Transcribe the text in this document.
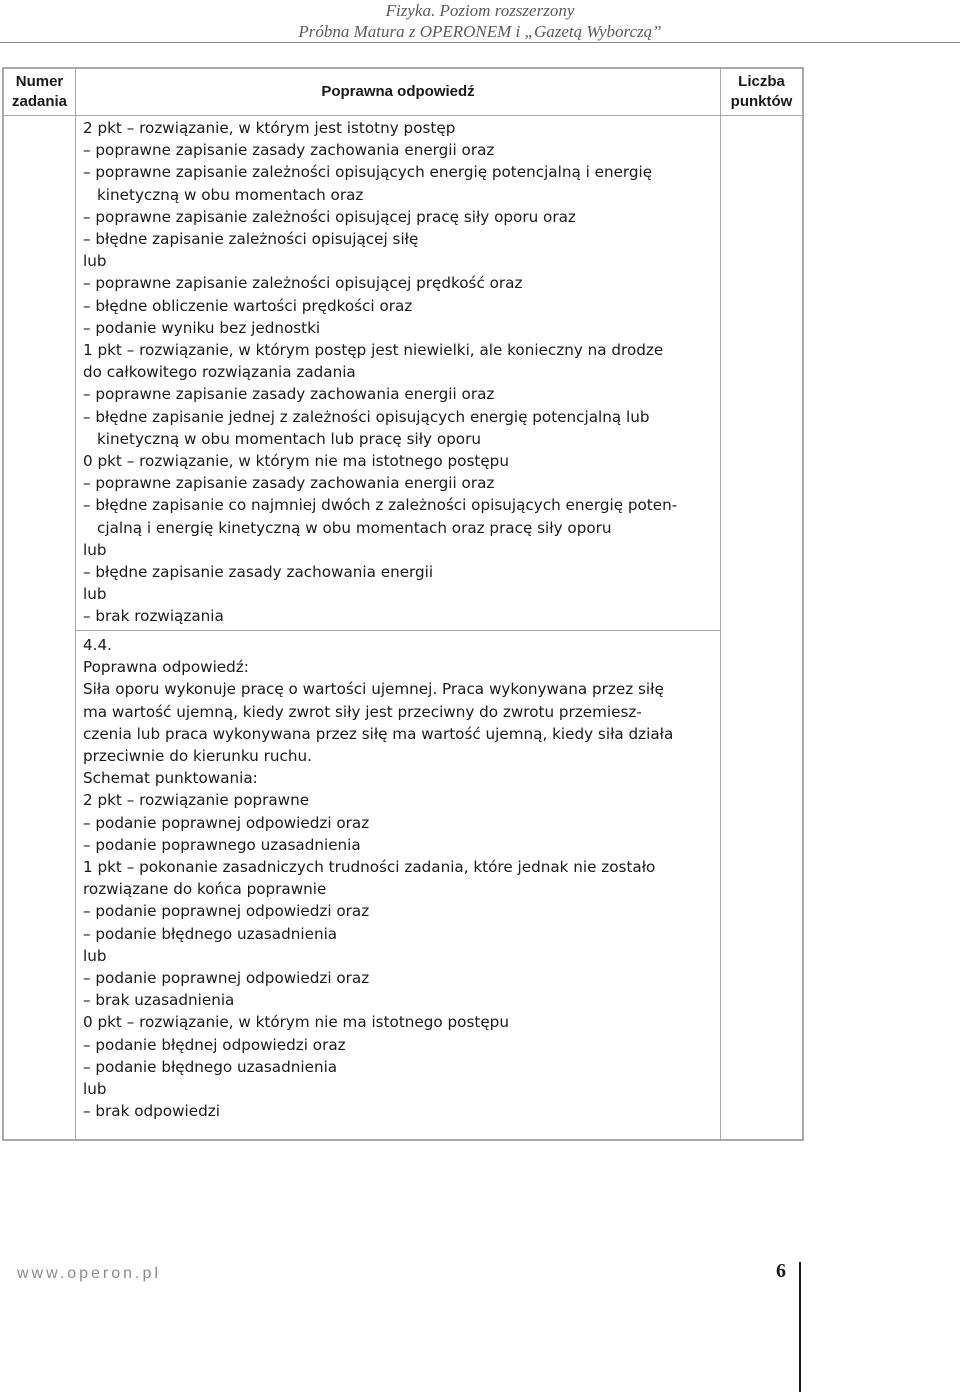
Fizyka. Poziom rozszerzony
Próbna Matura z OPERONEM i „Gazetą Wyborczą”
Numer
zadania
Poprawna odpowiedź
Liczba
punktów
2 pkt – rozwiązanie, w którym jest istotny postęp
– poprawne zapisanie zasady zachowania energii oraz
– poprawne zapisanie zależności opisujących energię potencjalną i energię
kinetyczną w obu momentach oraz
– poprawne zapisanie zależności opisującej pracę siły oporu oraz
– błędne zapisanie zależności opisującej siłę
lub
– poprawne zapisanie zależności opisującej prędkość oraz
– błędne obliczenie wartości prędkości oraz
– podanie wyniku bez jednostki
1 pkt – rozwiązanie, w którym postęp jest niewielki, ale konieczny na drodze
do całkowitego rozwiązania zadania
– poprawne zapisanie zasady zachowania energii oraz
– błędne zapisanie jednej z zależności opisujących energię potencjalną lub
kinetyczną w obu momentach lub pracę siły oporu
0 pkt – rozwiązanie, w którym nie ma istotnego postępu
– poprawne zapisanie zasady zachowania energii oraz
– błędne zapisanie co najmniej dwóch z zależności opisujących energię poten-
cjalną i energię kinetyczną w obu momentach oraz pracę siły oporu
lub
– błędne zapisanie zasady zachowania energii
lub
– brak rozwiązania
4.4.
Poprawna odpowiedź:
Siła oporu wykonuje pracę o wartości ujemnej. Praca wykonywana przez siłę
ma wartość ujemną, kiedy zwrot siły jest przeciwny do zwrotu przemiesz-
czenia lub praca wykonywana przez siłę ma wartość ujemną, kiedy siła działa
przeciwnie do kierunku ruchu.
Schemat punktowania:
2 pkt – rozwiązanie poprawne
– podanie poprawnej odpowiedzi oraz
– podanie poprawnego uzasadnienia
1 pkt – pokonanie zasadniczych trudności zadania, które jednak nie zostało
rozwiązane do końca poprawnie
– podanie poprawnej odpowiedzi oraz
– podanie błędnego uzasadnienia
lub
– podanie poprawnej odpowiedzi oraz
– brak uzasadnienia
0 pkt – rozwiązanie, w którym nie ma istotnego postępu
– podanie błędnej odpowiedzi oraz
– podanie błędnego uzasadnienia
lub
– brak odpowiedzi
www.operon.pl	6
